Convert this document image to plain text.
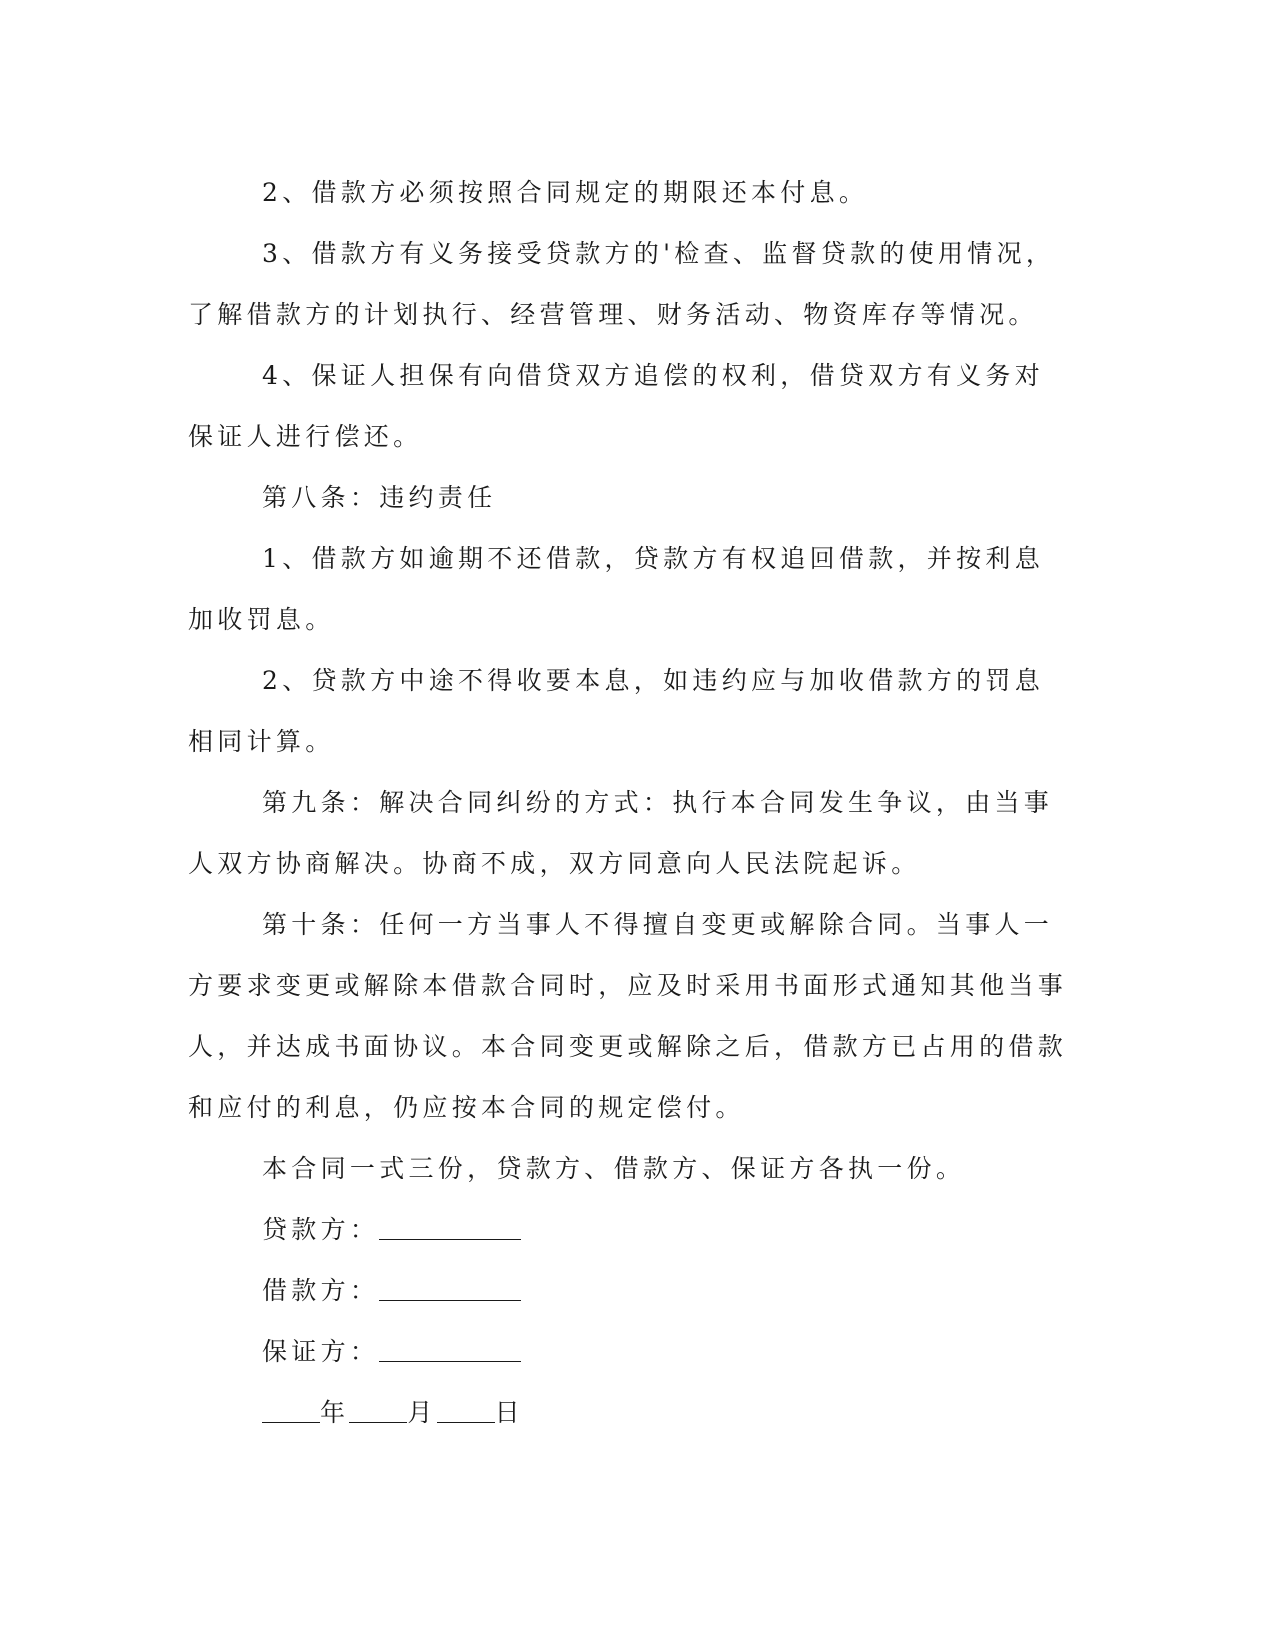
2、借款方必须按照合同规定的期限还本付息。

3、借款方有义务接受贷款方的'检查、监督贷款的使用情况，了解借款方的计划执行、经营管理、财务活动、物资库存等情况。

4、保证人担保有向借贷双方追偿的权利，借贷双方有义务对保证人进行偿还。

第八条：违约责任

1、借款方如逾期不还借款，贷款方有权追回借款，并按利息加收罚息。

2、贷款方中途不得收要本息，如违约应与加收借款方的罚息相同计算。

第九条：解决合同纠纷的方式：执行本合同发生争议，由当事人双方协商解决。协商不成，双方同意向人民法院起诉。

第十条：任何一方当事人不得擅自变更或解除合同。当事人一方要求变更或解除本借款合同时，应及时采用书面形式通知其他当事人，并达成书面协议。本合同变更或解除之后，借款方已占用的借款和应付的利息，仍应按本合同的规定偿付。

本合同一式三份，贷款方、借款方、保证方各执一份。

贷款方：

借款方：

保证方：

年 月 日
